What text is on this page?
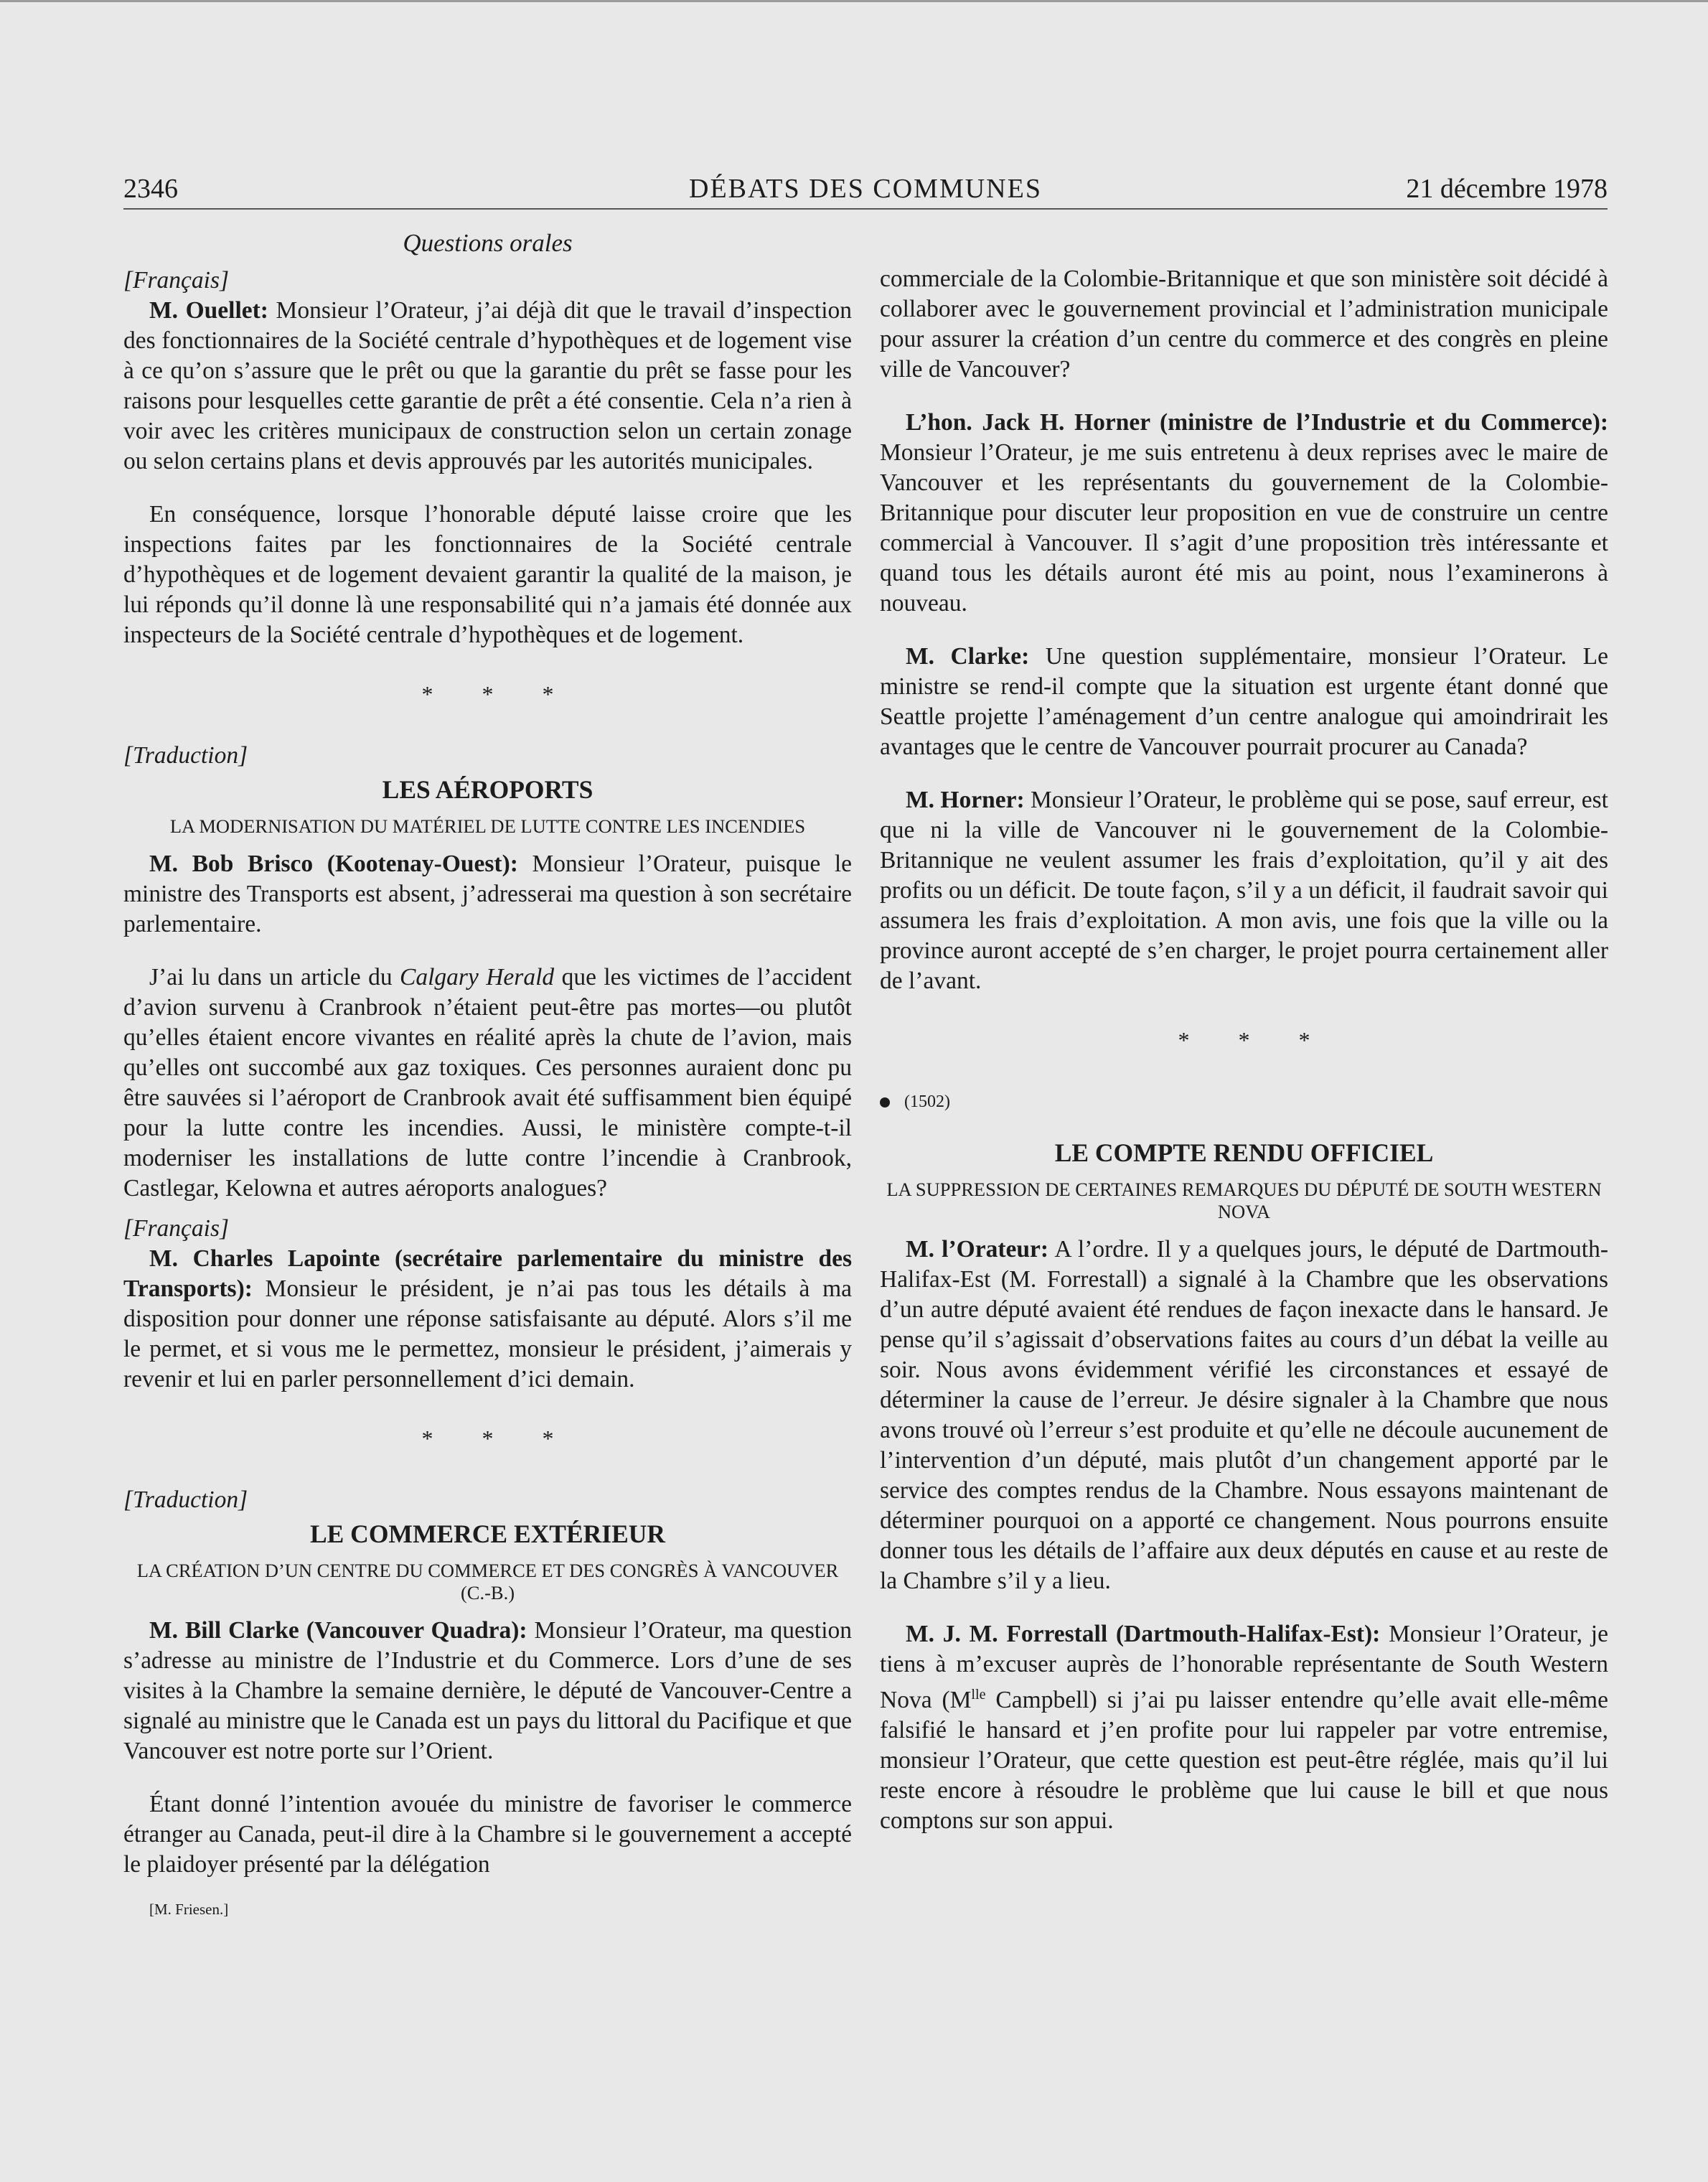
2346	DÉBATS DES COMMUNES	21 décembre 1978
Questions orales

[Français]

M. Ouellet: Monsieur l’Orateur, j’ai déjà dit que le travail d’inspection des fonctionnaires de la Société centrale d’hypothèques et de logement vise à ce qu’on s’assure que le prêt ou que la garantie du prêt se fasse pour les raisons pour lesquelles cette garantie de prêt a été consentie. Cela n’a rien à voir avec les critères municipaux de construction selon un certain zonage ou selon certains plans et devis approuvés par les autorités municipales.

En conséquence, lorsque l’honorable député laisse croire que les inspections faites par les fonctionnaires de la Société centrale d’hypothèques et de logement devaient garantir la qualité de la maison, je lui réponds qu’il donne là une responsabilité qui n’a jamais été donnée aux inspecteurs de la Société centrale d’hypothèques et de logement.

* * *

[Traduction]

LES AÉROPORTS
LA MODERNISATION DU MATÉRIEL DE LUTTE CONTRE LES INCENDIES

M. Bob Brisco (Kootenay-Ouest): Monsieur l’Orateur, puisque le ministre des Transports est absent, j’adresserai ma question à son secrétaire parlementaire.

J’ai lu dans un article du Calgary Herald que les victimes de l’accident d’avion survenu à Cranbrook n’étaient peut-être pas mortes—ou plutôt qu’elles étaient encore vivantes en réalité après la chute de l’avion, mais qu’elles ont succombé aux gaz toxiques. Ces personnes auraient donc pu être sauvées si l’aéroport de Cranbrook avait été suffisamment bien équipé pour la lutte contre les incendies. Aussi, le ministère compte-t-il moderniser les installations de lutte contre l’incendie à Cranbrook, Castlegar, Kelowna et autres aéroports analogues?

[Français]

M. Charles Lapointe (secrétaire parlementaire du ministre des Transports): Monsieur le président, je n’ai pas tous les détails à ma disposition pour donner une réponse satisfaisante au député. Alors s’il me le permet, et si vous me le permettez, monsieur le président, j’aimerais y revenir et lui en parler personnellement d’ici demain.

* * *

[Traduction]

LE COMMERCE EXTÉRIEUR
LA CRÉATION D’UN CENTRE DU COMMERCE ET DES CONGRÈS À VANCOUVER (C.-B.)

M. Bill Clarke (Vancouver Quadra): Monsieur l’Orateur, ma question s’adresse au ministre de l’Industrie et du Commerce. Lors d’une de ses visites à la Chambre la semaine dernière, le député de Vancouver-Centre a signalé au ministre que le Canada est un pays du littoral du Pacifique et que Vancouver est notre porte sur l’Orient.

Étant donné l’intention avouée du ministre de favoriser le commerce étranger au Canada, peut-il dire à la Chambre si le gouvernement a accepté le plaidoyer présenté par la délégation

[M. Friesen.]

commerciale de la Colombie-Britannique et que son ministère soit décidé à collaborer avec le gouvernement provincial et l’administration municipale pour assurer la création d’un centre du commerce et des congrès en pleine ville de Vancouver?

L’hon. Jack H. Horner (ministre de l’Industrie et du Commerce): Monsieur l’Orateur, je me suis entretenu à deux reprises avec le maire de Vancouver et les représentants du gouvernement de la Colombie-Britannique pour discuter leur proposition en vue de construire un centre commercial à Vancouver. Il s’agit d’une proposition très intéressante et quand tous les détails auront été mis au point, nous l’examinerons à nouveau.

M. Clarke: Une question supplémentaire, monsieur l’Orateur. Le ministre se rend-il compte que la situation est urgente étant donné que Seattle projette l’aménagement d’un centre analogue qui amoindrirait les avantages que le centre de Vancouver pourrait procurer au Canada?

M. Horner: Monsieur l’Orateur, le problème qui se pose, sauf erreur, est que ni la ville de Vancouver ni le gouvernement de la Colombie-Britannique ne veulent assumer les frais d’exploitation, qu’il y ait des profits ou un déficit. De toute façon, s’il y a un déficit, il faudrait savoir qui assumera les frais d’exploitation. A mon avis, une fois que la ville ou la province auront accepté de s’en charger, le projet pourra certainement aller de l’avant.

* * *

(1502)

LE COMPTE RENDU OFFICIEL
LA SUPPRESSION DE CERTAINES REMARQUES DU DÉPUTÉ DE SOUTH WESTERN NOVA

M. l’Orateur: A l’ordre. Il y a quelques jours, le député de Dartmouth-Halifax-Est (M. Forrestall) a signalé à la Chambre que les observations d’un autre député avaient été rendues de façon inexacte dans le hansard. Je pense qu’il s’agissait d’observations faites au cours d’un débat la veille au soir. Nous avons évidemment vérifié les circonstances et essayé de déterminer la cause de l’erreur. Je désire signaler à la Chambre que nous avons trouvé où l’erreur s’est produite et qu’elle ne découle aucunement de l’intervention d’un député, mais plutôt d’un changement apporté par le service des comptes rendus de la Chambre. Nous essayons maintenant de déterminer pourquoi on a apporté ce changement. Nous pourrons ensuite donner tous les détails de l’affaire aux deux députés en cause et au reste de la Chambre s’il y a lieu.

M. J. M. Forrestall (Dartmouth-Halifax-Est): Monsieur l’Orateur, je tiens à m’excuser auprès de l’honorable représentante de South Western Nova ($M^{lle}$ Campbell) si j’ai pu laisser entendre qu’elle avait elle-même falsifié le hansard et j’en profite pour lui rappeler par votre entremise, monsieur l’Orateur, que cette question est peut-être réglée, mais qu’il lui reste encore à résoudre le problème que lui cause le bill et que nous comptons sur son appui.
